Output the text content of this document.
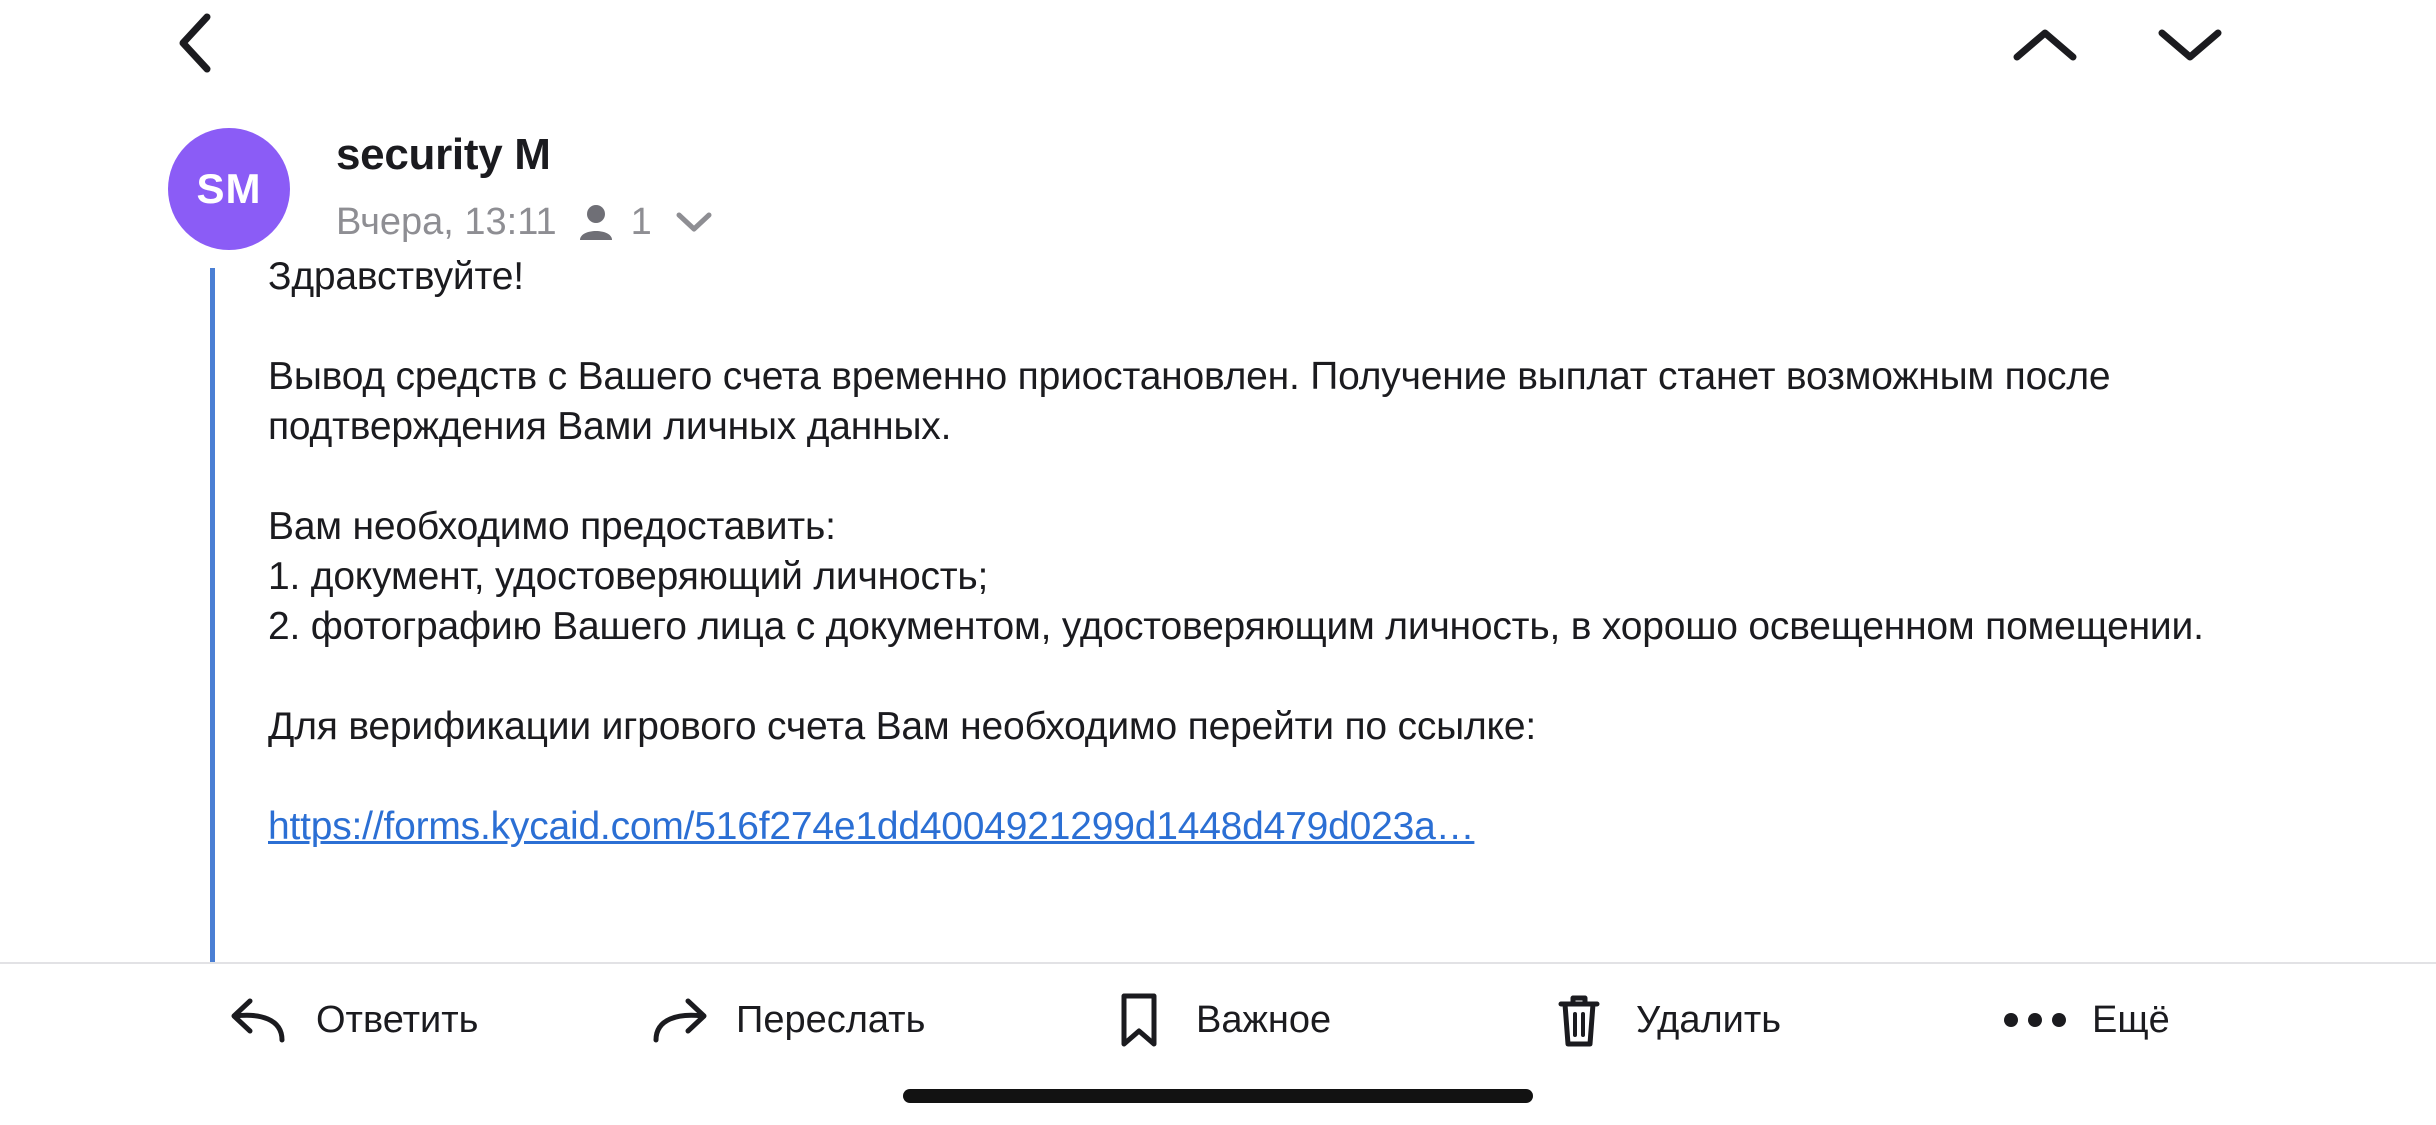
SM
security M
Вчера, 13:11 1

Здравствуйте!

Вывод средств с Вашего счета временно приостановлен. Получение выплат станет возможным после подтверждения Вами личных данных.

Вам необходимо предоставить:

1. документ, удостоверяющий личность;

2. фотографию Вашего лица с документом, удостоверяющим личность, в хорошо освещенном помещении.

Для верификации игрового счета Вам необходимо перейти по ссылке:

https://forms.kycaid.com/516f274e1dd4004921299d1448d479d023a…

Ответить	Переслать	Важное	Удалить	Ещё
